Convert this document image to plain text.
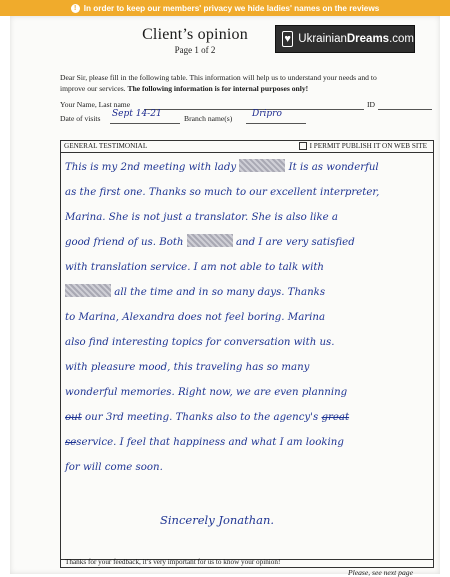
! In order to keep our members' privacy we hide ladies' names on the reviews
Client’s opinion
Page 1 of 2
♥ UkrainianDreams.com
Dear Sir, please fill in the following table. This information will help us to understand your needs and to
improve our services. The following information is for internal purposes only!
Your Name, Last name	ID
Date of visits Sept 14-21	Branch name(s) Dripro
GENERAL TESTIMONIAL	I PERMIT PUBLISH IT ON WEB SITE
This is my 2nd meeting with lady	It is as wonderful
as the first one. Thanks so much to our excellent interpreter,
Marina. She is not just a translator. She is also like a
good friend of us. Both	and I are very satisfied
with translation service. I am not able to talk with
all the time and in so many days. Thanks
to Marina, Alexandra does not feel boring. Marina
also find interesting topics for conversation with us.
with pleasure mood, this traveling has so many
wonderful memories. Right now, we are even planning
out our 3rd meeting. Thanks also to the agency's great
seservice. I feel that happiness and what I am looking
for will come soon.
Sincerely Jonathan.
Thanks for your feedback, it’s very important for us to know your opinion!
Please, see next page
